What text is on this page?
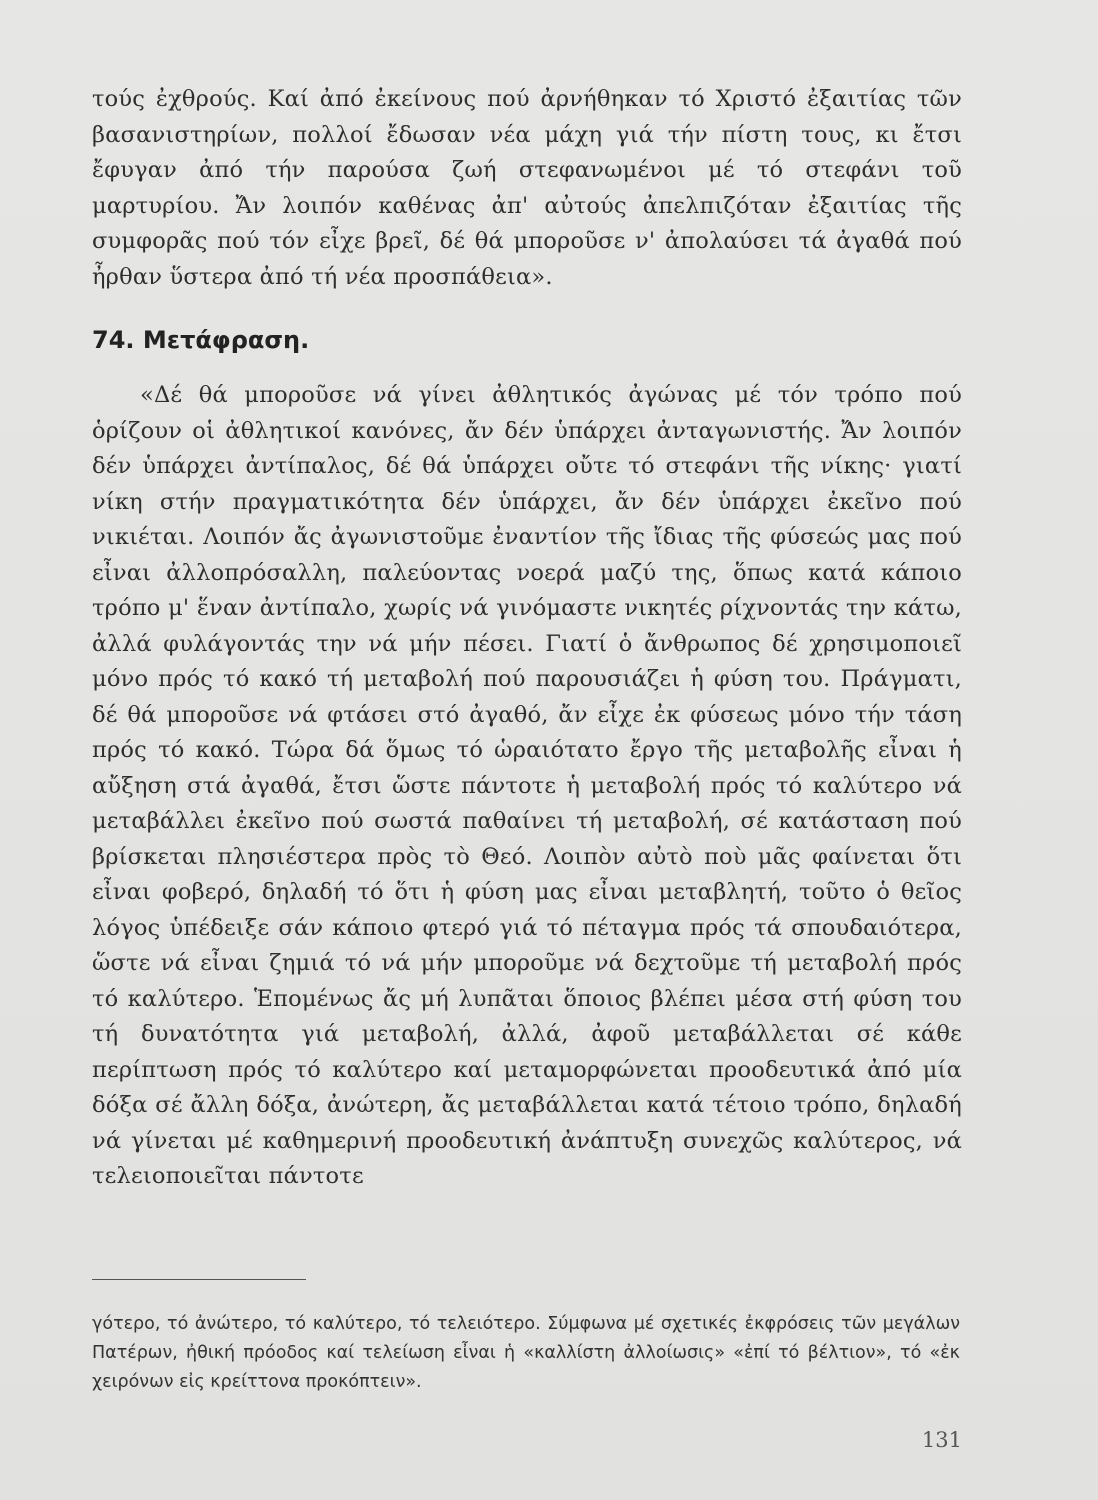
τούς ἐχθρούς. Καί ἀπό ἐκείνους πού ἀρνήθηκαν τό Χριστό ἐξαιτίας τῶν βασανιστηρίων, πολλοί ἔδωσαν νέα μάχη γιά τήν πίστη τους, κι ἔτσι ἔφυγαν ἀπό τήν παρούσα ζωή στεφανωμένοι μέ τό στεφάνι τοῦ μαρτυρίου. Ἄν λοιπόν καθένας ἀπ' αὐτούς ἀπελπιζόταν ἐξαιτίας τῆς συμφορᾶς πού τόν εἶχε βρεῖ, δέ θά μποροῦσε ν' ἀπολαύσει τά ἀγαθά πού ἦρθαν ὕστερα ἀπό τή νέα προσπάθεια».

74. Μετάφραση.

«Δέ θά μποροῦσε νά γίνει ἀθλητικός ἀγώνας μέ τόν τρόπο πού ὁρίζουν οἱ ἀθλητικοί κανόνες, ἄν δέν ὑπάρχει ἀνταγωνιστής. Ἄν λοιπόν δέν ὑπάρχει ἀντίπαλος, δέ θά ὑπάρχει οὔτε τό στεφάνι τῆς νίκης· γιατί νίκη στήν πραγματικότητα δέν ὑπάρχει, ἄν δέν ὑπάρχει ἐκεῖνο πού νικιέται. Λοιπόν ἄς ἀγωνιστοῦμε ἐναντίον τῆς ἴδιας τῆς φύσεώς μας πού εἶναι ἀλλοπρόσαλλη, παλεύοντας νοερά μαζύ της, ὅπως κατά κάποιο τρόπο μ' ἕναν ἀντίπαλο, χωρίς νά γινόμαστε νικητές ρίχνοντάς την κάτω, ἀλλά φυλάγοντάς την νά μήν πέσει. Γιατί ὁ ἄνθρωπος δέ χρησιμοποιεῖ μόνο πρός τό κακό τή μεταβολή πού παρουσιάζει ἡ φύση του. Πράγματι, δέ θά μποροῦσε νά φτάσει στό ἀγαθό, ἄν εἶχε ἐκ φύσεως μόνο τήν τάση πρός τό κακό. Τώρα δά ὅμως τό ὡραιότατο ἔργο τῆς μεταβολῆς εἶναι ἡ αὔξηση στά ἀγαθά, ἔτσι ὥστε πάντοτε ἡ μεταβολή πρός τό καλύτερο νά μεταβάλλει ἐκεῖνο πού σωστά παθαίνει τή μεταβολή, σέ κατάσταση πού βρίσκεται πλησιέστερα πρὸς τὸ Θεό. Λοιπὸν αὐτὸ ποὺ μᾶς φαίνεται ὅτι εἶναι φοβερό, δηλαδή τό ὅτι ἡ φύση μας εἶναι μεταβλητή, τοῦτο ὁ θεῖος λόγος ὑπέδειξε σάν κάποιο φτερό γιά τό πέταγμα πρός τά σπουδαιότερα, ὥστε νά εἶναι ζημιά τό νά μήν μποροῦμε νά δεχτοῦμε τή μεταβολή πρός τό καλύτερο. Ἑπομένως ἄς μή λυπᾶται ὅποιος βλέπει μέσα στή φύση του τή δυνατότητα γιά μεταβολή, ἀλλά, ἀφοῦ μεταβάλλεται σέ κάθε περίπτωση πρός τό καλύτερο καί μεταμορφώνεται προοδευτικά ἀπό μία δόξα σέ ἄλλη δόξα, ἀνώτερη, ἄς μεταβάλλεται κατά τέτοιο τρόπο, δηλαδή νά γίνεται μέ καθημερινή προοδευτική ἀνάπτυξη συνεχῶς καλύτερος, νά τελειοποιεῖται πάντοτε

γότερο, τό ἀνώτερο, τό καλύτερο, τό τελειότερο. Σύμφωνα μέ σχετικές ἐκφρόσεις τῶν μεγάλων Πατέρων, ἠθική πρόοδος καί τελείωση εἶναι ἡ «καλλίστη ἀλλοίωσις» «ἐπί τό βέλτιον», τό «ἐκ χειρόνων εἰς κρείττονα προκόπτειν».

131
